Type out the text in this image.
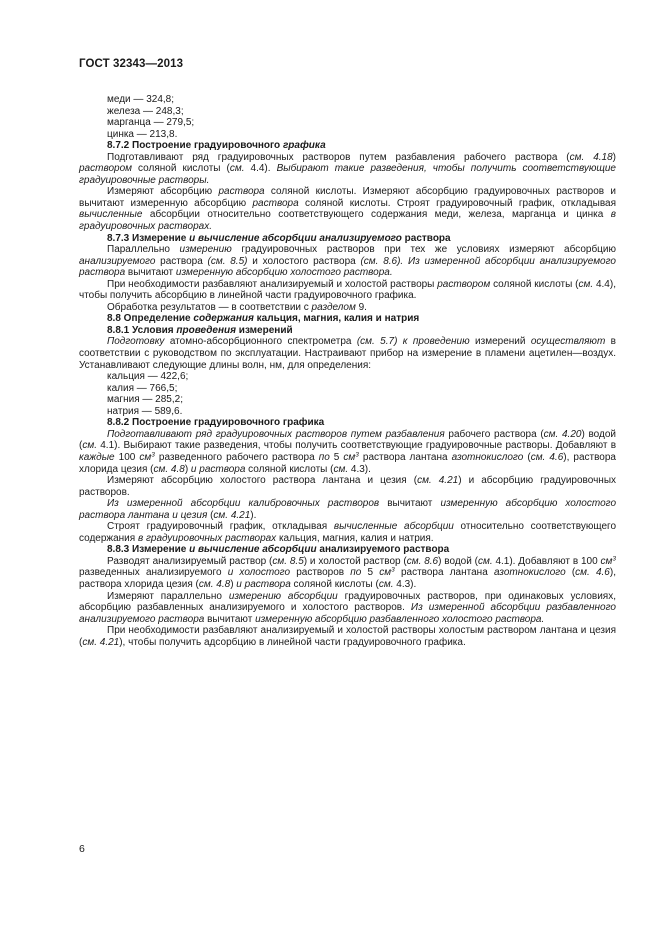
ГОСТ 32343—2013
меди — 324,8;
железа — 248,3;
марганца — 279,5;
цинка — 213,8.

8.7.2 Построение градуировочного графика

Подготавливают ряд градуировочных растворов путем разбавления рабочего раствора (см. 4.18) раствором соляной кислоты (см. 4.4). Выбирают такие разведения, чтобы получить соответствующие градуировочные растворы.

Измеряют абсорбцию раствора соляной кислоты. Измеряют абсорбцию градуировочных растворов и вычитают измеренную абсорбцию раствора соляной кислоты. Строят градуировочный график, откладывая вычисленные абсорбции относительно соответствующего содержания меди, железа, марганца и цинка в градуировочных растворах.

8.7.3 Измерение и вычисление абсорбции анализируемого раствора

Параллельно измерению градуировочных растворов при тех же условиях измеряют абсорбцию анализируемого раствора (см. 8.5) и холостого раствора (см. 8.6). Из измеренной абсорбции анализируемого раствора вычитают измеренную абсорбцию холостого раствора.

При необходимости разбавляют анализируемый и холостой растворы раствором соляной кислоты (см. 4.4), чтобы получить абсорбцию в линейной части градуировочного графика.

Обработка результатов — в соответствии с разделом 9.

8.8 Определение содержания кальция, магния, калия и натрия

8.8.1 Условия проведения измерений

Подготовку атомно-абсорбционного спектрометра (см. 5.7) к проведению измерений осуществляют в соответствии с руководством по эксплуатации. Настраивают прибор на измерение в пламени ацетилен—воздух. Устанавливают следующие длины волн, нм, для определения:

кальция — 422,6;
калия — 766,5;
магния — 285,2;
натрия — 589,6.

8.8.2 Построение градуировочного графика

Подготавливают ряд градуировочных растворов путем разбавления рабочего раствора (см. 4.20) водой (см. 4.1). Выбирают такие разведения, чтобы получить соответствующие градуировочные растворы. Добавляют в каждые 100 $см^3$ разведенного рабочего раствора по 5 $см^3$ раствора лантана азотнокислого (см. 4.6), раствора хлорида цезия (см. 4.8) и раствора соляной кислоты (см. 4.3).

Измеряют абсорбцию холостого раствора лантана и цезия (см. 4.21) и абсорбцию градуировочных растворов.

Из измеренной абсорбции калибровочных растворов вычитают измеренную абсорбцию холостого раствора лантана и цезия (см. 4.21).

Строят градуировочный график, откладывая вычисленные абсорбции относительно соответствующего содержания в градуировочных растворах кальция, магния, калия и натрия.

8.8.3 Измерение и вычисление абсорбции анализируемого раствора

Разводят анализируемый раствор (см. 8.5) и холостой раствор (см. 8.6) водой (см. 4.1). Добавляют в 100 $см^3$ разведенных анализируемого и холостого растворов по 5 $см^3$ раствора лантана азотнокислого (см. 4.6), раствора хлорида цезия (см. 4.8) и раствора соляной кислоты (см. 4.3).

Измеряют параллельно измерению абсорбции градуировочных растворов, при одинаковых условиях, абсорбцию разбавленных анализируемого и холостого растворов. Из измеренной абсорбции разбавленного анализируемого раствора вычитают измеренную абсорбцию разбавленного холостого раствора.

При необходимости разбавляют анализируемый и холостой растворы холостым раствором лантана и цезия (см. 4.21), чтобы получить адсорбцию в линейной части градуировочного графика.

6
